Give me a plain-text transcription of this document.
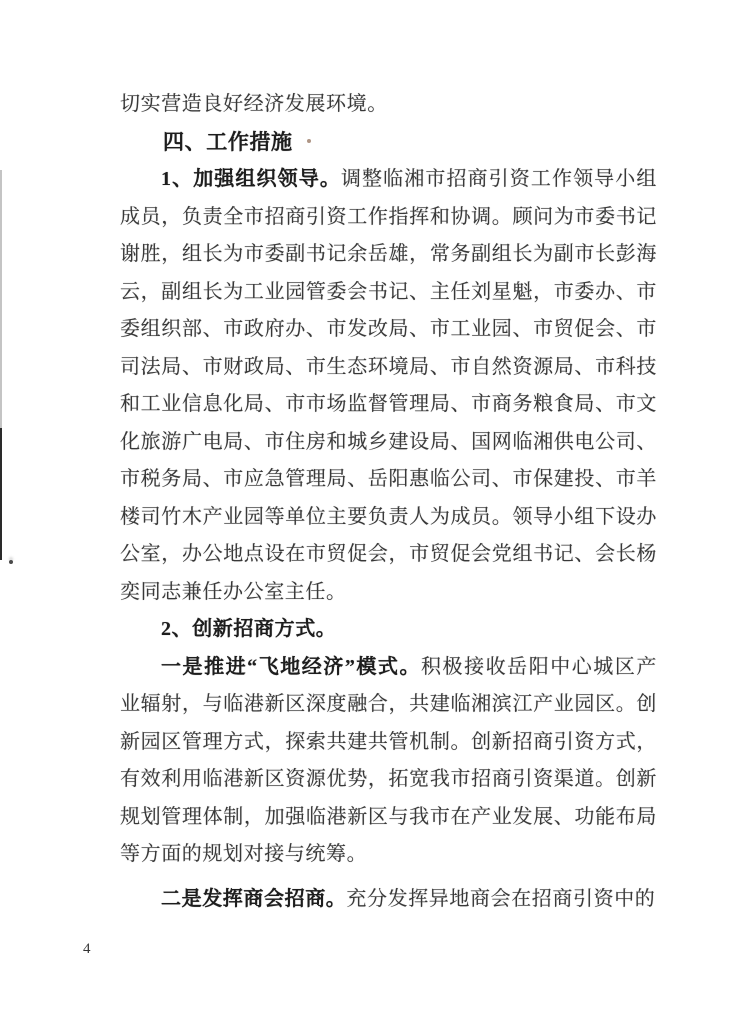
切实营造良好经济发展环境。
四、工作措施
1、加强组织领导。调整临湘市招商引资工作领导小组
成员，负责全市招商引资工作指挥和协调。顾问为市委书记
谢胜，组长为市委副书记余岳雄，常务副组长为副市长彭海
云，副组长为工业园管委会书记、主任刘星魁，市委办、市
委组织部、市政府办、市发改局、市工业园、市贸促会、市
司法局、市财政局、市生态环境局、市自然资源局、市科技
和工业信息化局、市市场监督管理局、市商务粮食局、市文
化旅游广电局、市住房和城乡建设局、国网临湘供电公司、
市税务局、市应急管理局、岳阳惠临公司、市保建投、市羊
楼司竹木产业园等单位主要负责人为成员。领导小组下设办
公室，办公地点设在市贸促会，市贸促会党组书记、会长杨
奕同志兼任办公室主任。
2、创新招商方式。
一是推进“飞地经济”模式。积极接收岳阳中心城区产
业辐射，与临港新区深度融合，共建临湘滨江产业园区。创
新园区管理方式，探索共建共管机制。创新招商引资方式，
有效利用临港新区资源优势，拓宽我市招商引资渠道。创新
规划管理体制，加强临港新区与我市在产业发展、功能布局
等方面的规划对接与统筹。
二是发挥商会招商。充分发挥异地商会在招商引资中的
4
